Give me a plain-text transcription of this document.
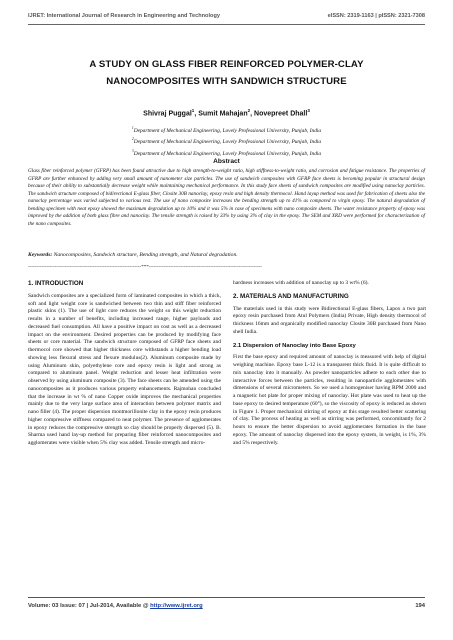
IJRET: International Journal of Research in Engineering and Technology	eISSN: 2319-1163 | pISSN: 2321-7308
A STUDY ON GLASS FIBER REINFORCED POLYMER-CLAY
NANOCOMPOSITES WITH SANDWICH STRUCTURE
Shivraj Puggal$^1$, Sumit Mahajan$^2$, Novepreet Dhall$^3$
$^1$Department of Mechanical Engineering, Lovely Professional University, Punjab, India
$^2$Department of Mechanical Engineering, Lovely Professional University, Punjab, India
$^3$Department of Mechanical Engineering, Lovely Professional University, Punjab, India
Abstract
Glass fiber reinforced polymer (GFRP) has been found attractive due to high strength-to-weight ratio, high stiffness-to-weight ratio, and corrosion and fatigue resistance. The properties of GFRP are further enhanced by adding very small amount of nanometer size particles. The use of sandwich composites with GFRP face sheets is becoming popular in structural design because of their ability to substantially decrease weight while maintaining mechanical performance. In this study face sheets of sandwich composites are modified using nanoclay particles. The sandwich structure composed of bidirectional E-glass fiber, Closite 30B nanoclay, epoxy resin and high density thermocol. Hand layup method was used for fabrication of sheets also the nanoclay percentage was varied subjected to various test. The use of nano composite increases the bending strength up to 41% as compared to virgin epoxy. The natural degradation of bending specimen with neat epoxy showed the maximum degradation up to 10% and it was 5% in case of specimens with nano composite sheets. The water resistance property of epoxy was improved by the addition of both glass fibre and nanoclay. The tensile strength is raised by 33% by using 3% of clay in the epoxy. The SEM and XRD were performed for characterization of the nano composites.
Keywords: Nanocomposites, Sandwich structure, Bending strength, and Natural degradation.
--------------------------------------------------------------------***--------------------------------------------------------------------
1. INTRODUCTION

Sandwich composites are a specialized form of laminated composites in which a thick, soft and light weight core is sandwiched between two thin and stiff fiber reinforced plastic skins (1). The use of light core reduces the weight so this weight reduction results in a number of benefits, including increased range, higher payloads and decreased fuel consumption. All have a positive impact on cost as well as a decreased impact on the environment. Desired properties can be produced by modifying face sheets or core material. The sandwich structure composed of GFRP face sheets and thermocol core showed that higher thickness core withstands a higher bending load showing less flexural stress and flexure modulus(2). Aluminum composite made by using Aluminum skin, polyethylene core and epoxy resin is light and strong as compared to aluminum panel. Weight reduction and lesser heat infiltration were observed by using aluminum composite (3). The face sheets can be amended using the nanocomposites as it produces various property enhancements. Rajmohan concluded that the increase in wt % of nano Copper oxide improves the mechanical properties mainly due to the very large surface area of interaction between polymer matrix and nano filler (4). The proper dispersion montmorillonite clay in the epoxy resin produces higher compressive stiffness compared to neat polymer. The presence of agglomerates in epoxy reduces the compressive strength so clay should be properly dispersed (5). B. Sharma used hand lay-up method for preparing fiber reinforced nanocomposites and agglomerates were visible when 5% clay was added. Tensile strength and micro-

hardness increases with addition of nanoclay up to 3 wt% (6).

2. MATERIALS AND MANUFACTURING

The materials used in this study were Bidirectional E-glass fibers, Lapox a two part epoxy resin purchased from Atul Polymers (India) Private, High density thermocol of thickness 16mm and organically modified nanoclay Closite 30B purchased from Nano shell India.

2.1 Dispersion of Nanoclay into Base Epoxy

First the base epoxy and required amount of nanoclay is measured with help of digital weighing machine. Epoxy base L-12 is a transparent thick fluid. It is quite difficult to mix nanoclay into it manually. As powder nanoparticles adhere to each other due to interactive forces between the particles, resulting in nanoparticle agglomerates with dimensions of several micrometers. So we used a homogeniser having RPM 2000 and a magnetic hot plate for proper mixing of nanoclay. Hot plate was used to heat up the base epoxy to desired temperature (60°), so the viscosity of epoxy is reduced as shown in Figure 1. Proper mechanical stirring of epoxy at this stage resulted better scattering of clay. The process of heating as well as stirring was performed, concomitantly for 2 hours to ensure the better dispersion to avoid agglomerates formation in the base epoxy. The amount of nanoclay dispersed into the epoxy system, in weight, is 1%, 3% and 5% respectively.

Volume: 03 Issue: 07 | Jul-2014, Available @ http://www.ijret.org	194
